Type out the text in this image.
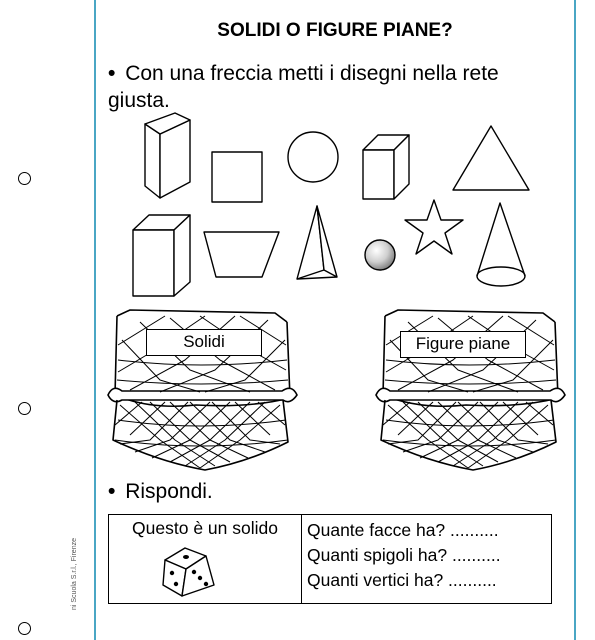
SOLIDI O FIGURE PIANE?
• Con una freccia metti i disegni nella rete giusta.
Solidi	Figure piane
• Rispondi.
Questo è un solido	Quante facce ha? ..........
Quanti spigoli ha? ..........
Quanti vertici ha? ..........
ni Scuola S.r.l., Firenze
